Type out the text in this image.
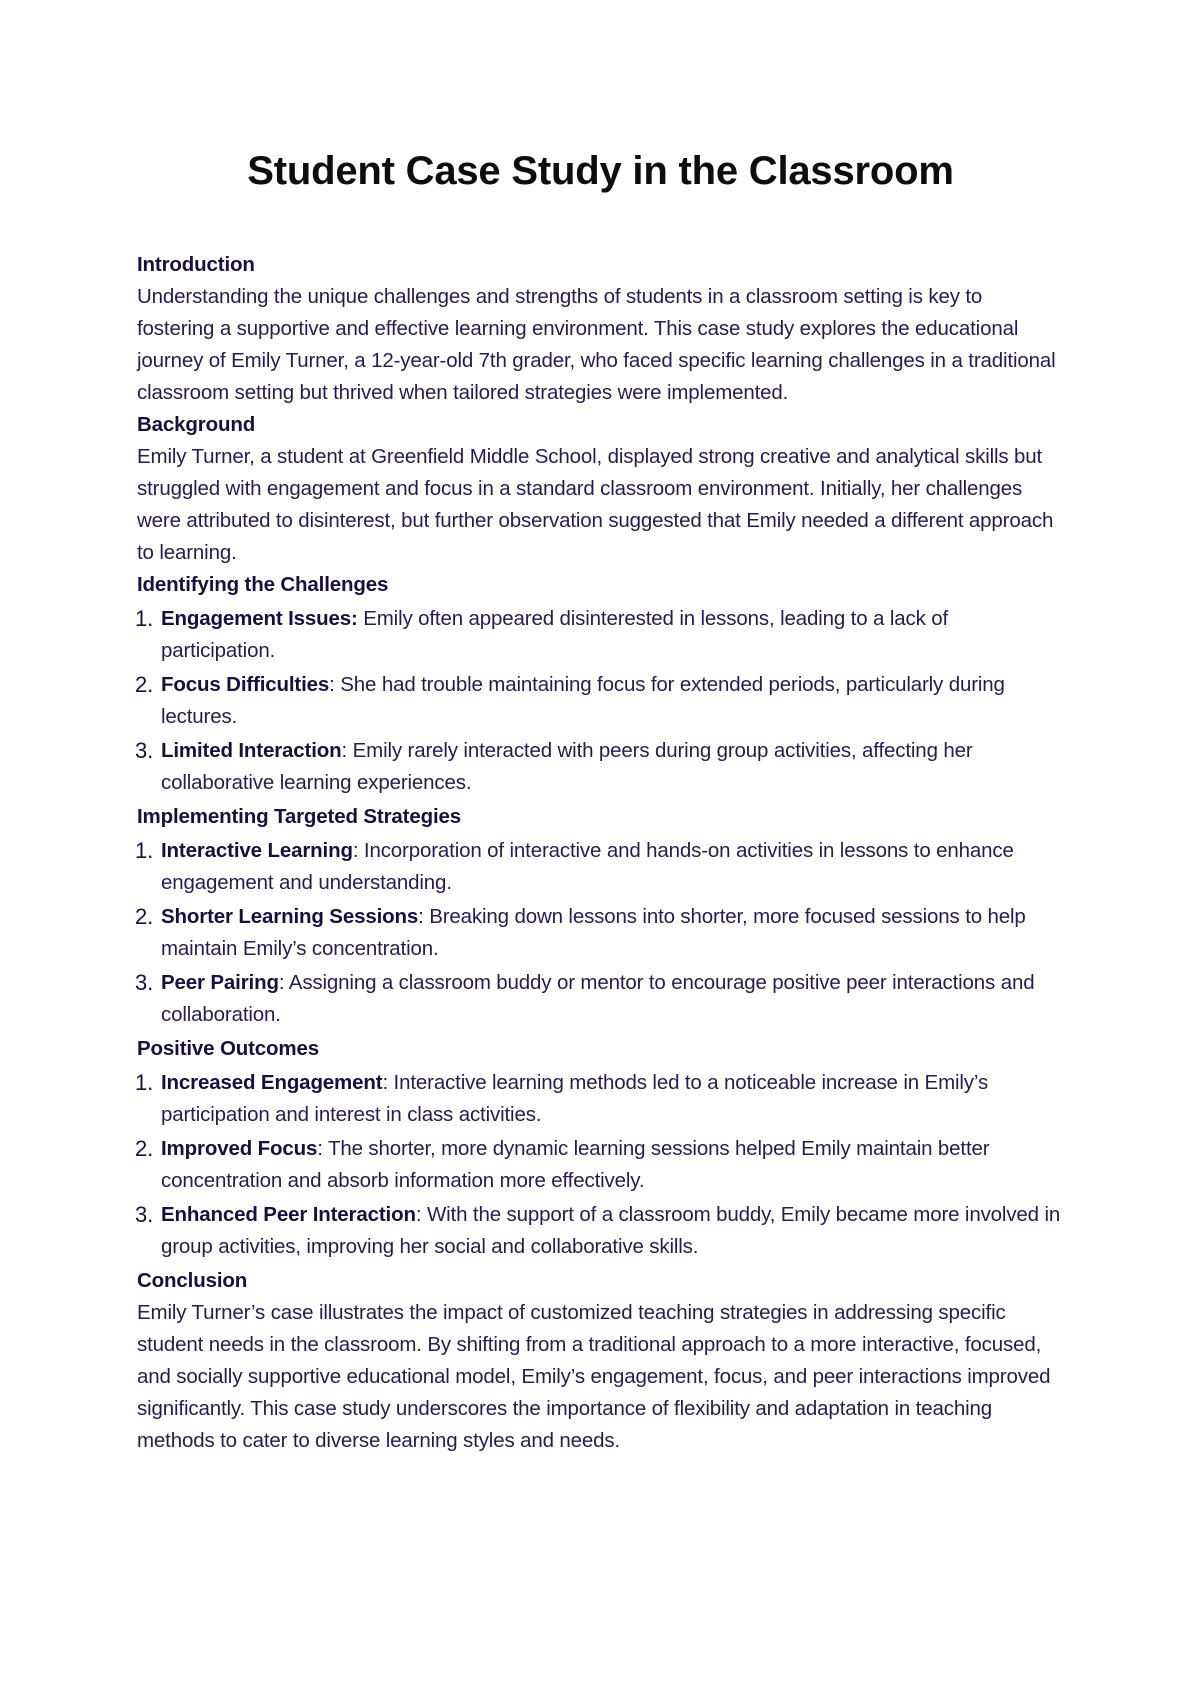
Student Case Study in the Classroom
Introduction

Understanding the unique challenges and strengths of students in a classroom setting is key to fostering a supportive and effective learning environment. This case study explores the educational journey of Emily Turner, a 12-year-old 7th grader, who faced specific learning challenges in a traditional classroom setting but thrived when tailored strategies were implemented.

Background

Emily Turner, a student at Greenfield Middle School, displayed strong creative and analytical skills but struggled with engagement and focus in a standard classroom environment. Initially, her challenges were attributed to disinterest, but further observation suggested that Emily needed a different approach to learning.

Identifying the Challenges
1. Engagement Issues: Emily often appeared disinterested in lessons, leading to a lack of participation.
2. Focus Difficulties: She had trouble maintaining focus for extended periods, particularly during lectures.
3. Limited Interaction: Emily rarely interacted with peers during group activities, affecting her collaborative learning experiences.
Implementing Targeted Strategies
1. Interactive Learning: Incorporation of interactive and hands-on activities in lessons to enhance engagement and understanding.
2. Shorter Learning Sessions: Breaking down lessons into shorter, more focused sessions to help maintain Emily’s concentration.
3. Peer Pairing: Assigning a classroom buddy or mentor to encourage positive peer interactions and collaboration.
Positive Outcomes
1. Increased Engagement: Interactive learning methods led to a noticeable increase in Emily’s participation and interest in class activities.
2. Improved Focus: The shorter, more dynamic learning sessions helped Emily maintain better concentration and absorb information more effectively.
3. Enhanced Peer Interaction: With the support of a classroom buddy, Emily became more involved in group activities, improving her social and collaborative skills.
Conclusion

Emily Turner’s case illustrates the impact of customized teaching strategies in addressing specific student needs in the classroom. By shifting from a traditional approach to a more interactive, focused, and socially supportive educational model, Emily’s engagement, focus, and peer interactions improved significantly. This case study underscores the importance of flexibility and adaptation in teaching methods to cater to diverse learning styles and needs.
